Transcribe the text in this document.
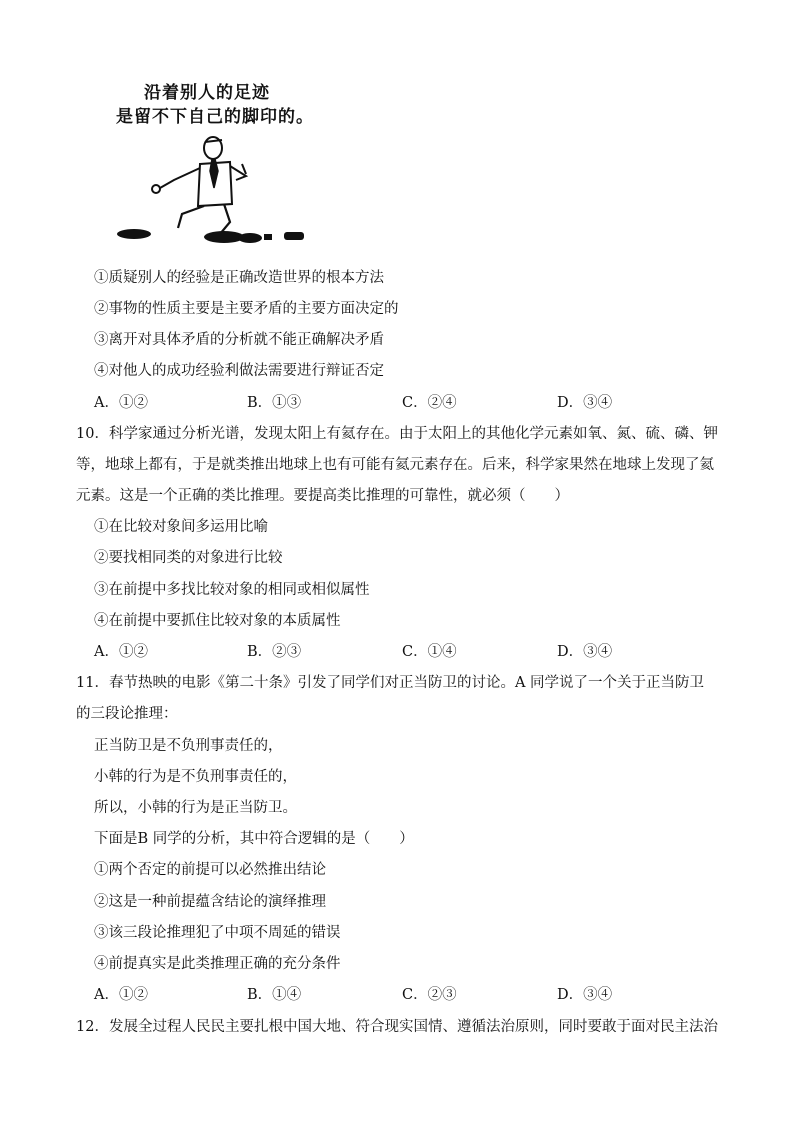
沿着别人的足迹
是留不下自己的脚印的。
①质疑别人的经验是正确改造世界的根本方法
②事物的性质主要是主要矛盾的主要方面决定的
③离开对具体矛盾的分析就不能正确解决矛盾
④对他人的成功经验利做法需要进行辩证否定
A．①②	B．①③	C．②④	D．③④
10．科学家通过分析光谱，发现太阳上有氦存在。由于太阳上的其他化学元素如氧、氮、硫、磷、钾
等，地球上都有，于是就类推出地球上也有可能有氦元素存在。后来，科学家果然在地球上发现了氦
元素。这是一个正确的类比推理。要提高类比推理的可靠性，就必须（　　）
①在比较对象间多运用比喻
②要找相同类的对象进行比较
③在前提中多找比较对象的相同或相似属性
④在前提中要抓住比较对象的本质属性
A．①②	B．②③	C．①④	D．③④
11．春节热映的电影《第二十条》引发了同学们对正当防卫的讨论。A 同学说了一个关于正当防卫
的三段论推理：
正当防卫是不负刑事责任的，
小韩的行为是不负刑事责任的，
所以，小韩的行为是正当防卫。
下面是B 同学的分析，其中符合逻辑的是（　　）
①两个否定的前提可以必然推出结论
②这是一种前提蕴含结论的演绎推理
③该三段论推理犯了中项不周延的错误
④前提真实是此类推理正确的充分条件
A．①②	B．①④	C．②③	D．③④
12．发展全过程人民民主要扎根中国大地、符合现实国情、遵循法治原则，同时要敢于面对民主法治
